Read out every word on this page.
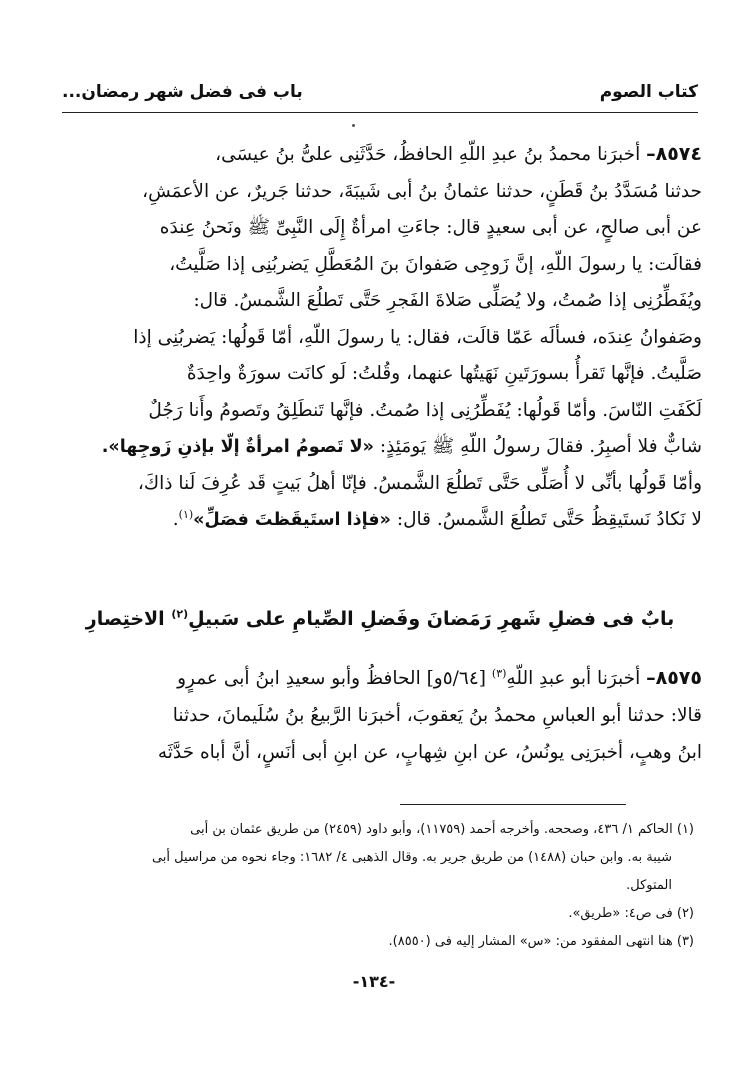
كتاب الصوم
باب فى فضل شهر رمضان...

٨٥٧٤– أخبرَنا محمدُ بنُ عبدِ اللّهِ الحافظُ، حَدَّثَنِى علىُّ بنُ عيسَى،

حدثنا مُسَدَّدُ بنُ قَطَنٍ، حدثنا عثمانُ بنُ أبى شَيبَةَ، حدثنا جَريرٌ، عن الأعمَشِ،

عن أبى صالحٍ، عن أبى سعيدٍ قال: جاءَتِ امرأةٌ إِلَى النَّبِىِّ ﷺ ونَحنُ عِندَه

فقالَت: يا رسولَ اللّهِ، إنَّ زَوجِى صَفوانَ بنَ المُعَطَّلِ يَضربُنِى إذا صَلَّيتُ،

ويُفَطِّرُنِى إذا صُمتُ، ولا يُصَلِّى صَلاةَ الفَجرِ حَتَّى تَطلُعَ الشَّمسُ. قال:

وصَفوانُ عِندَه، فسألَه عَمّا قالَت، فقال: يا رسولَ اللّهِ، أمّا قَولُها: يَضربُنِى إذا

صَلَّيتُ. فإنَّها تَقرأُ بسورَتَينِ نَهَيتُها عنهما، وقُلتُ: لَو كانَت سورَةٌ واحِدَةٌ

لَكَفَتِ النّاسَ. وأمّا قَولُها: يُفَطِّرُنِى إذا صُمتُ. فإنَّها تَنطَلِقُ وتَصومُ وأَنا رَجُلٌ

شابٌّ فلا أصبِرُ. فقالَ رسولُ اللّهِ ﷺ يَومَئِذٍ: «لا تَصومُ امرأةٌ إلّا بإذنِ زَوجِها».

وأمّا قَولُها بأنِّى لا أُصَلِّى حَتَّى تَطلُعَ الشَّمسُ. فإنّا أهلُ بَيتٍ قَد عُرِفَ لَنا ذاكَ،

لا نَكادُ نَستَيقِظُ حَتَّى تَطلُعَ الشَّمسُ. قال: «فإذا استَيقَظتَ فصَلِّ»$^{(١)}$.

بابٌ فى فضلِ شَهرِ رَمَضانَ وفَضلِ الصِّيامِ على سَبيلِ$^{(٢)}$ الاختِصارِ

٨٥٧٥– أخبرَنا أبو عبدِ اللّهِ$^{(٣)}$ [٥/٦٤و] الحافظُ وأبو سعيدِ ابنُ أبى عمرٍو

قالا: حدثنا أبو العباسِ محمدُ بنُ يَعقوبَ، أخبرَنا الرَّبيعُ بنُ سُلَيمانَ، حدثنا

ابنُ وهبٍ، أخبرَنِى يونُسُ، عن ابنِ شِهابٍ، عن ابنِ أبى أنَسٍ، أنَّ أباه حَدَّثَه

(١) الحاكم ١/ ٤٣٦، وصححه. وأخرجه أحمد (١١٧٥٩)، وأبو داود (٢٤٥٩) من طريق عثمان بن أبى

شيبة به. وابن حبان (١٤٨٨) من طريق جرير به. وقال الذهبى ٤/ ١٦٨٢: وجاء نحوه من مراسيل أبى

المتوكل.

(٢) فى ص٤: «طريق».

(٣) هنا انتهى المفقود من: «س» المشار إليه فى (٨٥٥٠).

-١٣٤-
